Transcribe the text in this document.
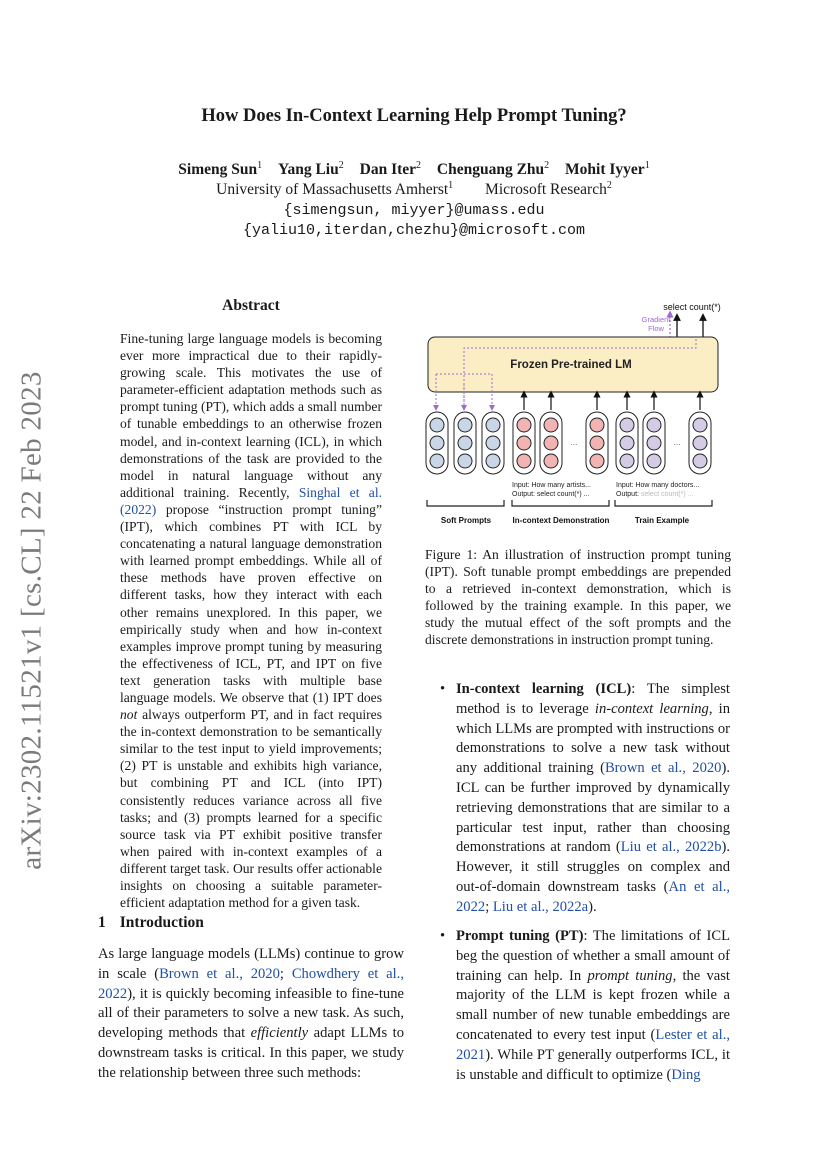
arXiv:2302.11521v1 [cs.CL] 22 Feb 2023
How Does In-Context Learning Help Prompt Tuning?
Simeng Sun$^1$ Yang Liu$^2$ Dan Iter$^2$ Chenguang Zhu$^2$ Mohit Iyyer$^1$
University of Massachusetts Amherst$^1$ Microsoft Research$^2$
{simengsun, miyyer}@umass.edu
{yaliu10,iterdan,chezhu}@microsoft.com
Abstract
Fine-tuning large language models is becoming ever more impractical due to their rapidly-growing scale. This motivates the use of parameter-efficient adaptation methods such as prompt tuning (PT), which adds a small number of tunable embeddings to an otherwise frozen model, and in-context learning (ICL), in which demonstrations of the task are provided to the model in natural language without any additional training. Recently, Singhal et al. (2022) propose “instruction prompt tuning” (IPT), which combines PT with ICL by concatenating a natural language demonstration with learned prompt embeddings. While all of these methods have proven effective on different tasks, how they interact with each other remains unexplored. In this paper, we empirically study when and how in-context examples improve prompt tuning by measuring the effectiveness of ICL, PT, and IPT on five text generation tasks with multiple base language models. We observe that (1) IPT does not always outperform PT, and in fact requires the in-context demonstration to be semantically similar to the test input to yield improvements; (2) PT is unstable and exhibits high variance, but combining PT and ICL (into IPT) consistently reduces variance across all five tasks; and (3) prompts learned for a specific source task via PT exhibit positive transfer when paired with in-context examples of a different target task. Our results offer actionable insights on choosing a suitable parameter-efficient adaptation method for a given task.
1 Introduction
As large language models (LLMs) continue to grow in scale (Brown et al., 2020; Chowdhery et al., 2022), it is quickly becoming infeasible to fine-tune all of their parameters to solve a new task. As such, developing methods that efficiently adapt LLMs to downstream tasks is critical. In this paper, we study the relationship between three such methods:
select count(*)
Gradient
Flow
Frozen Pre-trained LM
...	...
Input: How many artists...
Output: select count(*) ...
Input: How many doctors...
Output: select count(*) ...
Soft Prompts	In-context Demonstration	Train Example
Figure 1: An illustration of instruction prompt tuning (IPT). Soft tunable prompt embeddings are prepended to a retrieved in-context demonstration, which is followed by the training example. In this paper, we study the mutual effect of the soft prompts and the discrete demonstrations in instruction prompt tuning.
• In-context learning (ICL): The simplest method is to leverage in-context learning, in which LLMs are prompted with instructions or demonstrations to solve a new task without any additional training (Brown et al., 2020). ICL can be further improved by dynamically retrieving demonstrations that are similar to a particular test input, rather than choosing demonstrations at random (Liu et al., 2022b). However, it still struggles on complex and out-of-domain downstream tasks (An et al., 2022; Liu et al., 2022a).
• Prompt tuning (PT): The limitations of ICL beg the question of whether a small amount of training can help. In prompt tuning, the vast majority of the LLM is kept frozen while a small number of new tunable embeddings are concatenated to every test input (Lester et al., 2021). While PT generally outperforms ICL, it is unstable and difficult to optimize (Ding
